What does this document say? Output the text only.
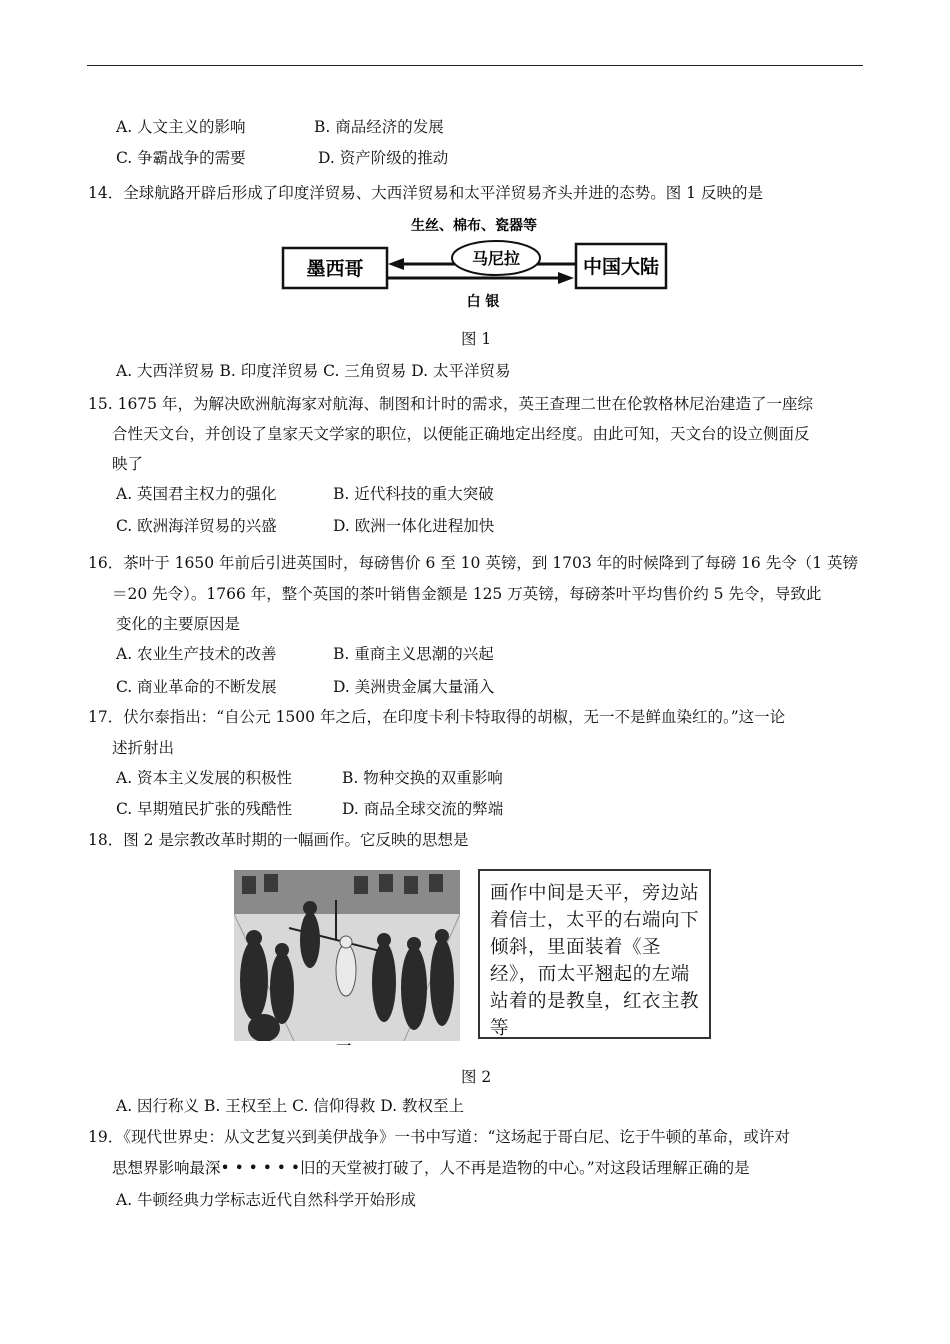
A. 人文主义的影响	B. 商品经济的发展
C. 争霸战争的需要	D. 资产阶级的推动
14．全球航路开辟后形成了印度洋贸易、大西洋贸易和太平洋贸易齐头并进的态势。图 1 反映的是
生丝、棉布、瓷器等
墨西哥	中国大陆
马尼拉
白 银
图 1
A. 大西洋贸易 B. 印度洋贸易 C. 三角贸易 D. 太平洋贸易
15. 1675 年，为解决欧洲航海家对航海、制图和计时的需求，英王查理二世在伦敦格林尼治建造了一座综
合性天文台，并创设了皇家天文学家的职位，以便能正确地定出经度。由此可知，天文台的设立侧面反
映了
A. 英国君主权力的强化	B. 近代科技的重大突破
C. 欧洲海洋贸易的兴盛	D. 欧洲一体化进程加快
16．茶叶于 1650 年前后引进英国时，每磅售价 6 至 10 英镑，到 1703 年的时候降到了每磅 16 先令（1 英镑
＝20 先令）。1766 年，整个英国的茶叶销售金额是 125 万英镑，每磅茶叶平均售价约 5 先令，导致此
变化的主要原因是
A. 农业生产技术的改善	B. 重商主义思潮的兴起
C. 商业革命的不断发展	D. 美洲贵金属大量涌入
17．伏尔泰指出：“自公元 1500 年之后，在印度卡利卡特取得的胡椒，无一不是鲜血染红的。”这一论
述折射出
A. 资本主义发展的积极性	B. 物种交换的双重影响
C. 早期殖民扩张的残酷性	D. 商品全球交流的弊端
18．图 2 是宗教改革时期的一幅画作。它反映的思想是
一
画作中间是天平，旁边站着信士，太平的右端向下倾斜，里面装着《圣经》，而太平翘起的左端站着的是教皇，红衣主教等
图 2
A. 因行称义 B. 王权至上 C. 信仰得救 D. 教权至上
19．《现代世界史：从文艺复兴到美伊战争》一书中写道：“这场起于哥白尼、讫于牛顿的革命，或许对
思想界影响最深• • • • • •旧的天堂被打破了，人不再是造物的中心。”对这段话理解正确的是
A. 牛顿经典力学标志近代自然科学开始形成
